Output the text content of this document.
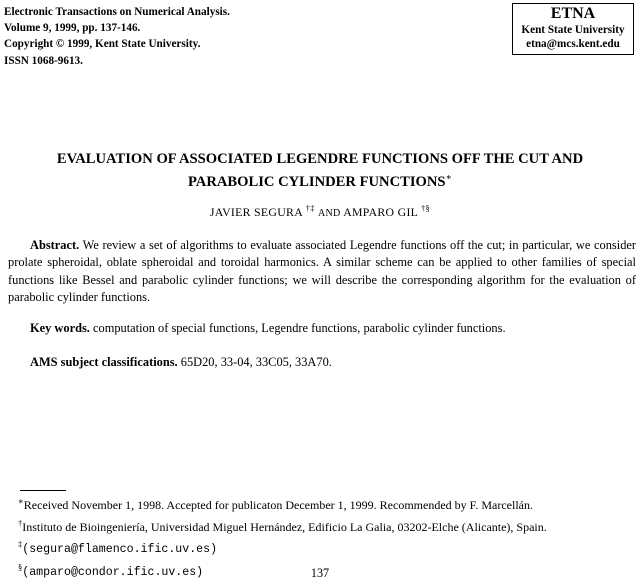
Electronic Transactions on Numerical Analysis.
Volume 9, 1999, pp. 137-146.
Copyright © 1999, Kent State University.
ISSN 1068-9613.
ETNA
Kent State University
etna@mcs.kent.edu
EVALUATION OF ASSOCIATED LEGENDRE FUNCTIONS OFF THE CUT AND
PARABOLIC CYLINDER FUNCTIONS∗
JAVIER SEGURA †‡ AND AMPARO GIL †§
Abstract. We review a set of algorithms to evaluate associated Legendre functions off the cut; in particular, we consider prolate spheroidal, oblate spheroidal and toroidal harmonics. A similar scheme can be applied to other families of special functions like Bessel and parabolic cylinder functions; we will describe the corresponding algorithm for the evaluation of parabolic cylinder functions.
Key words. computation of special functions, Legendre functions, parabolic cylinder functions.
AMS subject classifications. 65D20, 33-04, 33C05, 33A70.
∗Received November 1, 1998. Accepted for publicaton December 1, 1999. Recommended by F. Marcellán.
†Instituto de Bioingeniería, Universidad Miguel Hernández, Edificio La Galia, 03202-Elche (Alicante), Spain.
‡(segura@flamenco.ific.uv.es)
§(amparo@condor.ific.uv.es)	137
